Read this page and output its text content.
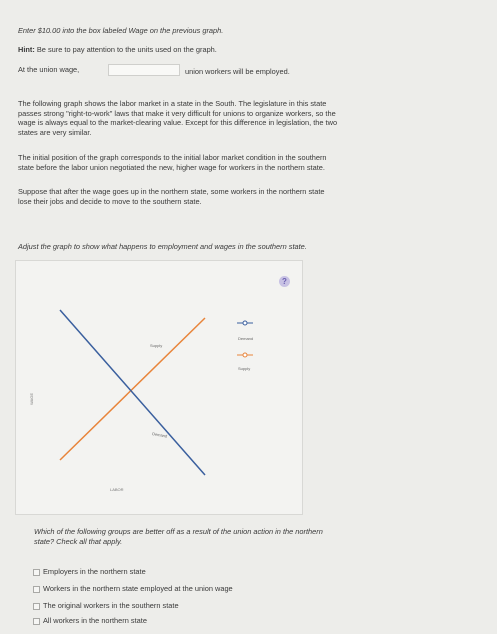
Enter $10.00 into the box labeled Wage on the previous graph.
Hint: Be sure to pay attention to the units used on the graph.
At the union wage,	union workers will be employed.
The following graph shows the labor market in a state in the South. The legislature in this state
passes strong "right-to-work" laws that make it very difficult for unions to organize workers, so the
wage is always equal to the market-clearing value. Except for this difference in legislation, the two
states are very similar.
The initial position of the graph corresponds to the initial labor market condition in the southern
state before the labor union negotiated the new, higher wage for workers in the northern state.
Suppose that after the wage goes up in the northern state, some workers in the northern state
lose their jobs and decide to move to the southern state.
Adjust the graph to show what happens to employment and wages in the southern state.
?
Supply
Demand
WAGE
LABOR
Demand
Supply
Which of the following groups are better off as a result of the union action in the northern
state? Check all that apply.
Employers in the northern state
Workers in the northern state employed at the union wage
The original workers in the southern state
All workers in the northern state
